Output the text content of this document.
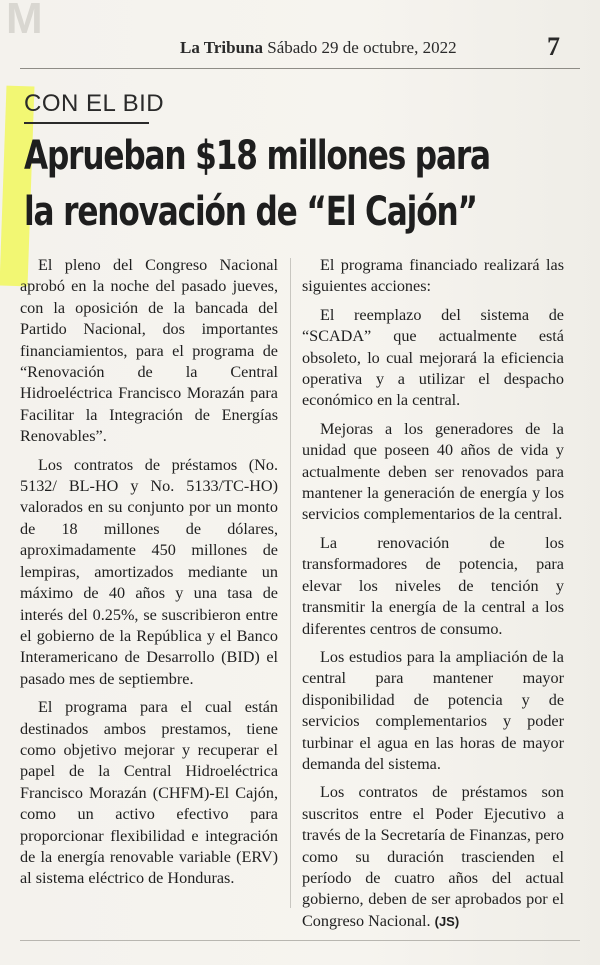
M
La Tribuna Sábado 29 de octubre, 2022	7
CON EL BID
Aprueban $18 millones para
la renovación de “El Cajón”

El pleno del Congreso Nacional aprobó en la noche del pasado jueves, con la oposición de la bancada del Partido Nacional, dos importantes financiamientos, para el programa de “Renovación de la Central Hidroeléctrica Francisco Morazán para Facilitar la Integración de Energías Renovables”.

Los contratos de préstamos (No. 5132/ BL-HO y No. 5133/TC-HO) valorados en su conjunto por un monto de 18 millones de dólares, aproximadamente 450 millones de lempiras, amortizados mediante un máximo de 40 años y una tasa de interés del 0.25%, se suscribieron entre el gobierno de la República y el Banco Interamericano de Desarrollo (BID) el pasado mes de septiembre.

El programa para el cual están destinados ambos prestamos, tiene como objetivo mejorar y recuperar el papel de la Central Hidroeléctrica Francisco Morazán (CHFM)-El Cajón, como un activo efectivo para proporcionar flexibilidad e integración de la energía renovable variable (ERV) al sistema eléctrico de Honduras.

El programa financiado realizará las siguientes acciones:

El reemplazo del sistema de “SCADA” que actualmente está obsoleto, lo cual mejorará la eficiencia operativa y a utilizar el despacho económico en la central.

Mejoras a los generadores de la unidad que poseen 40 años de vida y actualmente deben ser renovados para mantener la generación de energía y los servicios complementarios de la central.

La renovación de los transformadores de potencia, para elevar los niveles de tención y transmitir la energía de la central a los diferentes centros de consumo.

Los estudios para la ampliación de la central para mantener mayor disponibilidad de potencia y de servicios complementarios y poder turbinar el agua en las horas de mayor demanda del sistema.

Los contratos de préstamos son suscritos entre el Poder Ejecutivo a través de la Secretaría de Finanzas, pero como su duración trascienden el período de cuatro años del actual gobierno, deben de ser aprobados por el Congreso Nacional. (JS)
